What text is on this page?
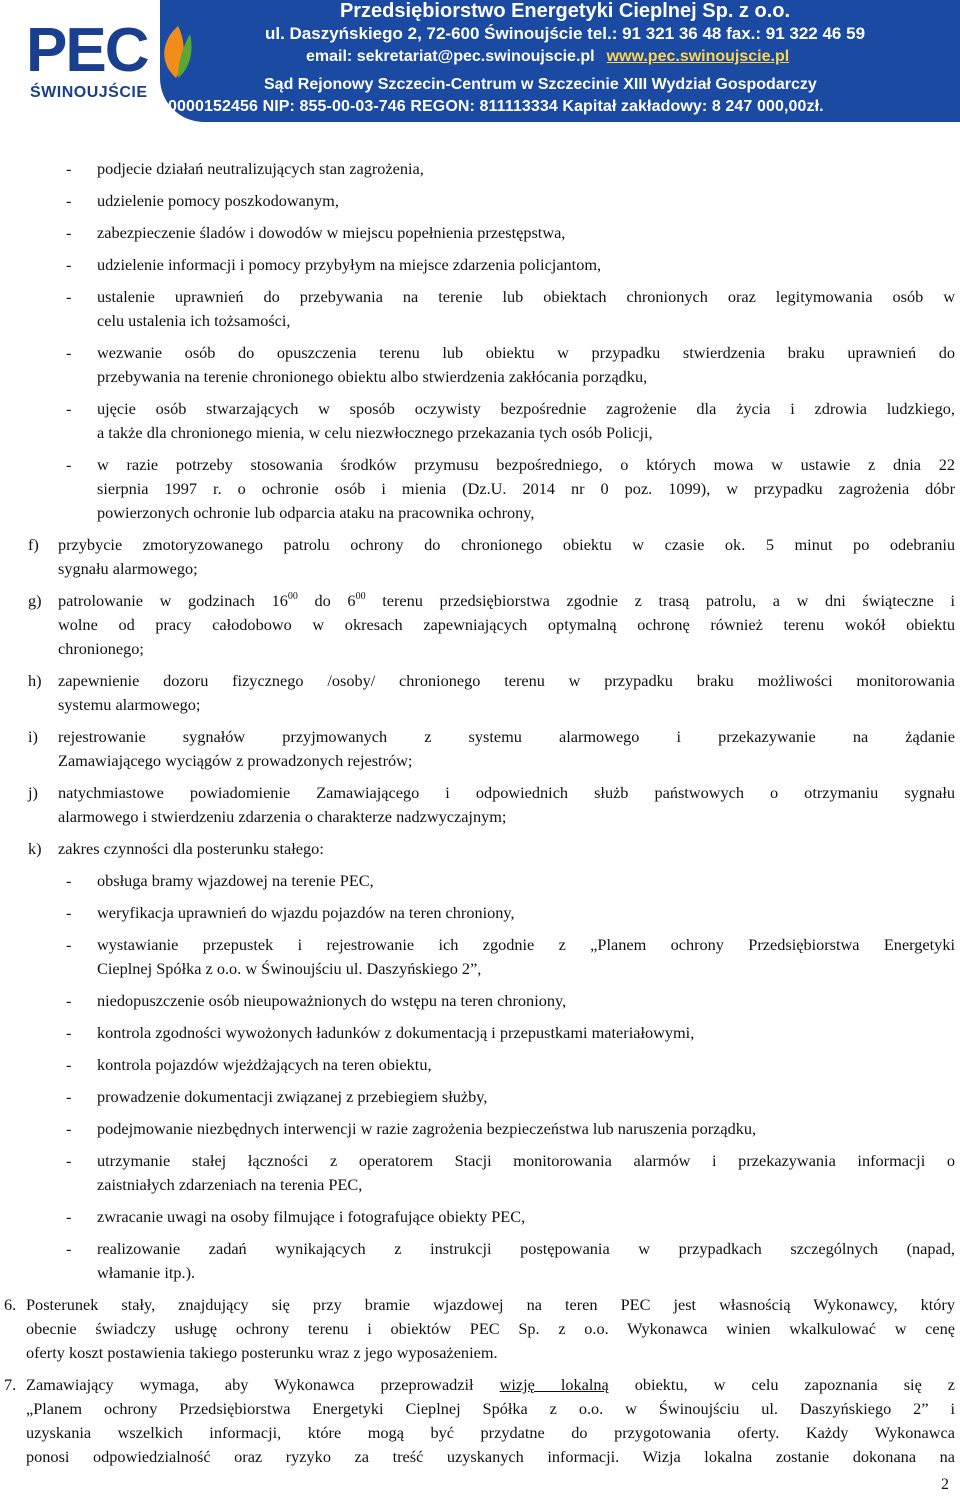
PEC
ŚWINOUJŚCIE
Przedsiębiorstwo Energetyki Cieplnej Sp. z o.o.
ul. Daszyńskiego 2, 72-600 Świnoujście tel.: 91 321 36 48 fax.: 91 322 46 59
email: sekretariat@pec.swinoujscie.pl www.pec.swinoujscie.pl
Sąd Rejonowy Szczecin-Centrum w Szczecinie XIII Wydział Gospodarczy
KRS: 0000152456 NIP: 855-00-03-746 REGON: 811113334 Kapitał zakładowy: 8 247 000,00zł.
- podjecie działań neutralizujących stan zagrożenia,
- udzielenie pomocy poszkodowanym,
- zabezpieczenie śladów i dowodów w miejscu popełnienia przestępstwa,
- udzielenie informacji i pomocy przybyłym na miejsce zdarzenia policjantom,
- ustalenie uprawnień do przebywania na terenie lub obiektach chronionych oraz legitymowania osób w
celu ustalenia ich tożsamości,
- wezwanie osób do opuszczenia terenu lub obiektu w przypadku stwierdzenia braku uprawnień do
przebywania na terenie chronionego obiektu albo stwierdzenia zakłócania porządku,
- ujęcie osób stwarzających w sposób oczywisty bezpośrednie zagrożenie dla życia i zdrowia ludzkiego,
a także dla chronionego mienia, w celu niezwłocznego przekazania tych osób Policji,
- w razie potrzeby stosowania środków przymusu bezpośredniego, o których mowa w ustawie z dnia 22
sierpnia 1997 r. o ochronie osób i mienia (Dz.U. 2014 nr 0 poz. 1099), w przypadku zagrożenia dóbr
powierzonych ochronie lub odparcia ataku na pracownika ochrony,
f) przybycie zmotoryzowanego patrolu ochrony do chronionego obiektu w czasie ok. 5 minut po odebraniu
sygnału alarmowego;
g) patrolowanie w godzinach $16^{00}$ do $6^{00}$ terenu przedsiębiorstwa zgodnie z trasą patrolu, a w dni świąteczne i
wolne od pracy całodobowo w okresach zapewniających optymalną ochronę również terenu wokół obiektu
chronionego;
h) zapewnienie dozoru fizycznego /osoby/ chronionego terenu w przypadku braku możliwości monitorowania
systemu alarmowego;
i) rejestrowanie sygnałów przyjmowanych z systemu alarmowego i przekazywanie na żądanie
Zamawiającego wyciągów z prowadzonych rejestrów;
j) natychmiastowe powiadomienie Zamawiającego i odpowiednich służb państwowych o otrzymaniu sygnału
alarmowego i stwierdzeniu zdarzenia o charakterze nadzwyczajnym;
k) zakres czynności dla posterunku stałego:
- obsługa bramy wjazdowej na terenie PEC,
- weryfikacja uprawnień do wjazdu pojazdów na teren chroniony,
- wystawianie przepustek i rejestrowanie ich zgodnie z „Planem ochrony Przedsiębiorstwa Energetyki
Cieplnej Spółka z o.o. w Świnoujściu ul. Daszyńskiego 2”,
- niedopuszczenie osób nieupoważnionych do wstępu na teren chroniony,
- kontrola zgodności wywożonych ładunków z dokumentacją i przepustkami materiałowymi,
- kontrola pojazdów wjeżdżających na teren obiektu,
- prowadzenie dokumentacji związanej z przebiegiem służby,
- podejmowanie niezbędnych interwencji w razie zagrożenia bezpieczeństwa lub naruszenia porządku,
- utrzymanie stałej łączności z operatorem Stacji monitorowania alarmów i przekazywania informacji o
zaistniałych zdarzeniach na terenia PEC,
- zwracanie uwagi na osoby filmujące i fotografujące obiekty PEC,
- realizowanie zadań wynikających z instrukcji postępowania w przypadkach szczególnych (napad,
włamanie itp.).
6. Posterunek stały, znajdujący się przy bramie wjazdowej na teren PEC jest własnością Wykonawcy, który
obecnie świadczy usługę ochrony terenu i obiektów PEC Sp. z o.o. Wykonawca winien wkalkulować w cenę
oferty koszt postawienia takiego posterunku wraz z jego wyposażeniem.
7. Zamawiający wymaga, aby Wykonawca przeprowadził wizję lokalną obiektu, w celu zapoznania się z
„Planem ochrony Przedsiębiorstwa Energetyki Cieplnej Spółka z o.o. w Świnoujściu ul. Daszyńskiego 2” i
uzyskania wszelkich informacji, które mogą być przydatne do przygotowania oferty. Każdy Wykonawca
ponosi odpowiedzialność oraz ryzyko za treść uzyskanych informacji. Wizja lokalna zostanie dokonana na
2
